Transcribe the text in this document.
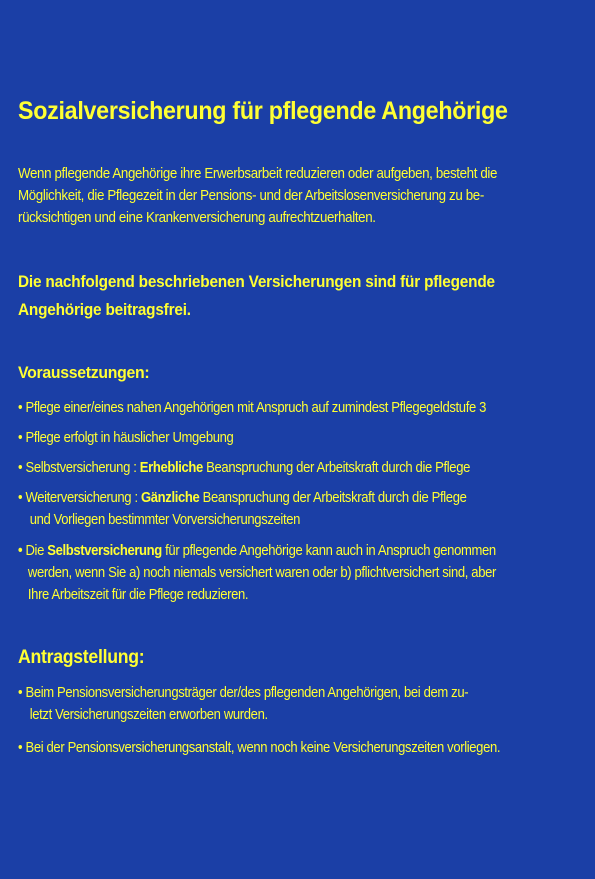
Sozialversicherung für pflegende Angehörige
Wenn pflegende Angehörige ihre Erwerbsarbeit reduzieren oder aufgeben, besteht die
Möglichkeit, die Pflegezeit in der Pensions- und der Arbeitslosenversicherung zu be-
rücksichtigen und eine Krankenversicherung aufrechtzuerhalten.
Die nachfolgend beschriebenen Versicherungen sind für pflegende
Angehörige beitragsfrei.
Voraussetzungen:
• Pflege einer/eines nahen Angehörigen mit Anspruch auf zumindest Pflegegeldstufe 3
• Pflege erfolgt in häuslicher Umgebung
• Selbstversicherung : Erhebliche Beanspruchung der Arbeitskraft durch die Pflege
• Weiterversicherung : Gänzliche Beanspruchung der Arbeitskraft durch die Pflege
und Vorliegen bestimmter Vorversicherungszeiten
• Die Selbstversicherung für pflegende Angehörige kann auch in Anspruch genommen
werden, wenn Sie a) noch niemals versichert waren oder b) pflichtversichert sind, aber
Ihre Arbeitszeit für die Pflege reduzieren.
Antragstellung:
• Beim Pensionsversicherungsträger der/des pflegenden Angehörigen, bei dem zu-
letzt Versicherungszeiten erworben wurden.
• Bei der Pensionsversicherungsanstalt, wenn noch keine Versicherungszeiten vorliegen.
